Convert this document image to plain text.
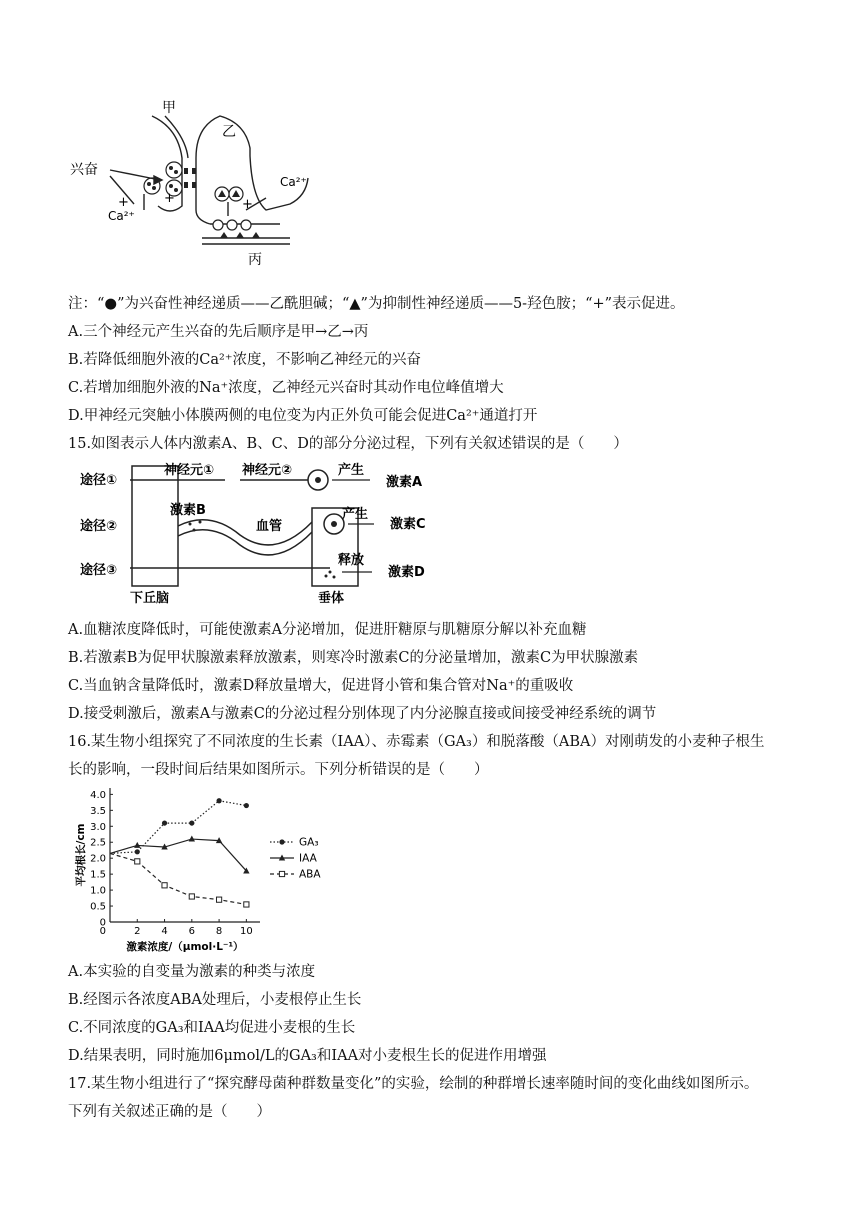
甲
乙
丙
兴奋
Ca²⁺
Ca²⁺
+	+	+
注：“●”为兴奋性神经递质——乙酰胆碱；“▲”为抑制性神经递质——5-羟色胺；“+”表示促进。
A.三个神经元产生兴奋的先后顺序是甲→乙→丙
B.若降低细胞外液的Ca²⁺浓度，不影响乙神经元的兴奋
C.若增加细胞外液的Na⁺浓度，乙神经元兴奋时其动作电位峰值增大
D.甲神经元突触小体膜两侧的电位变为内正外负可能会促进Ca²⁺通道打开
15.如图表示人体内激素A、B、C、D的部分分泌过程，下列有关叙述错误的是（　　）
途径①
途径②
途径③
神经元① 神经元②	产生
产生
释放
激素A
激素B
激素C
激素D
血管
下丘脑	垂体
A.血糖浓度降低时，可能使激素A分泌增加，促进肝糖原与肌糖原分解以补充血糖
B.若激素B为促甲状腺激素释放激素，则寒冷时激素C的分泌量增加，激素C为甲状腺激素
C.当血钠含量降低时，激素D释放量增大，促进肾小管和集合管对Na⁺的重吸收
D.接受刺激后，激素A与激素C的分泌过程分别体现了内分泌腺直接或间接受神经系统的调节
16.某生物小组探究了不同浓度的生长素（IAA）、赤霉素（GA₃）和脱落酸（ABA）对刚萌发的小麦种子根生
长的影响，一段时间后结果如图所示。下列分析错误的是（　　）
0
0.5
1.0
1.5
2.0
2.5
3.0
3.5
4.0
0	2 4 6 8 10
激素浓度/（μmol·L⁻¹）
平均根长/cm	GA₃
IAA
ABA
A.本实验的自变量为激素的种类与浓度
B.经图示各浓度ABA处理后，小麦根停止生长
C.不同浓度的GA₃和IAA均促进小麦根的生长
D.结果表明，同时施加6μmol/L的GA₃和IAA对小麦根生长的促进作用增强
17.某生物小组进行了“探究酵母菌种群数量变化”的实验，绘制的种群增长速率随时间的变化曲线如图所示。
下列有关叙述正确的是（　　）
